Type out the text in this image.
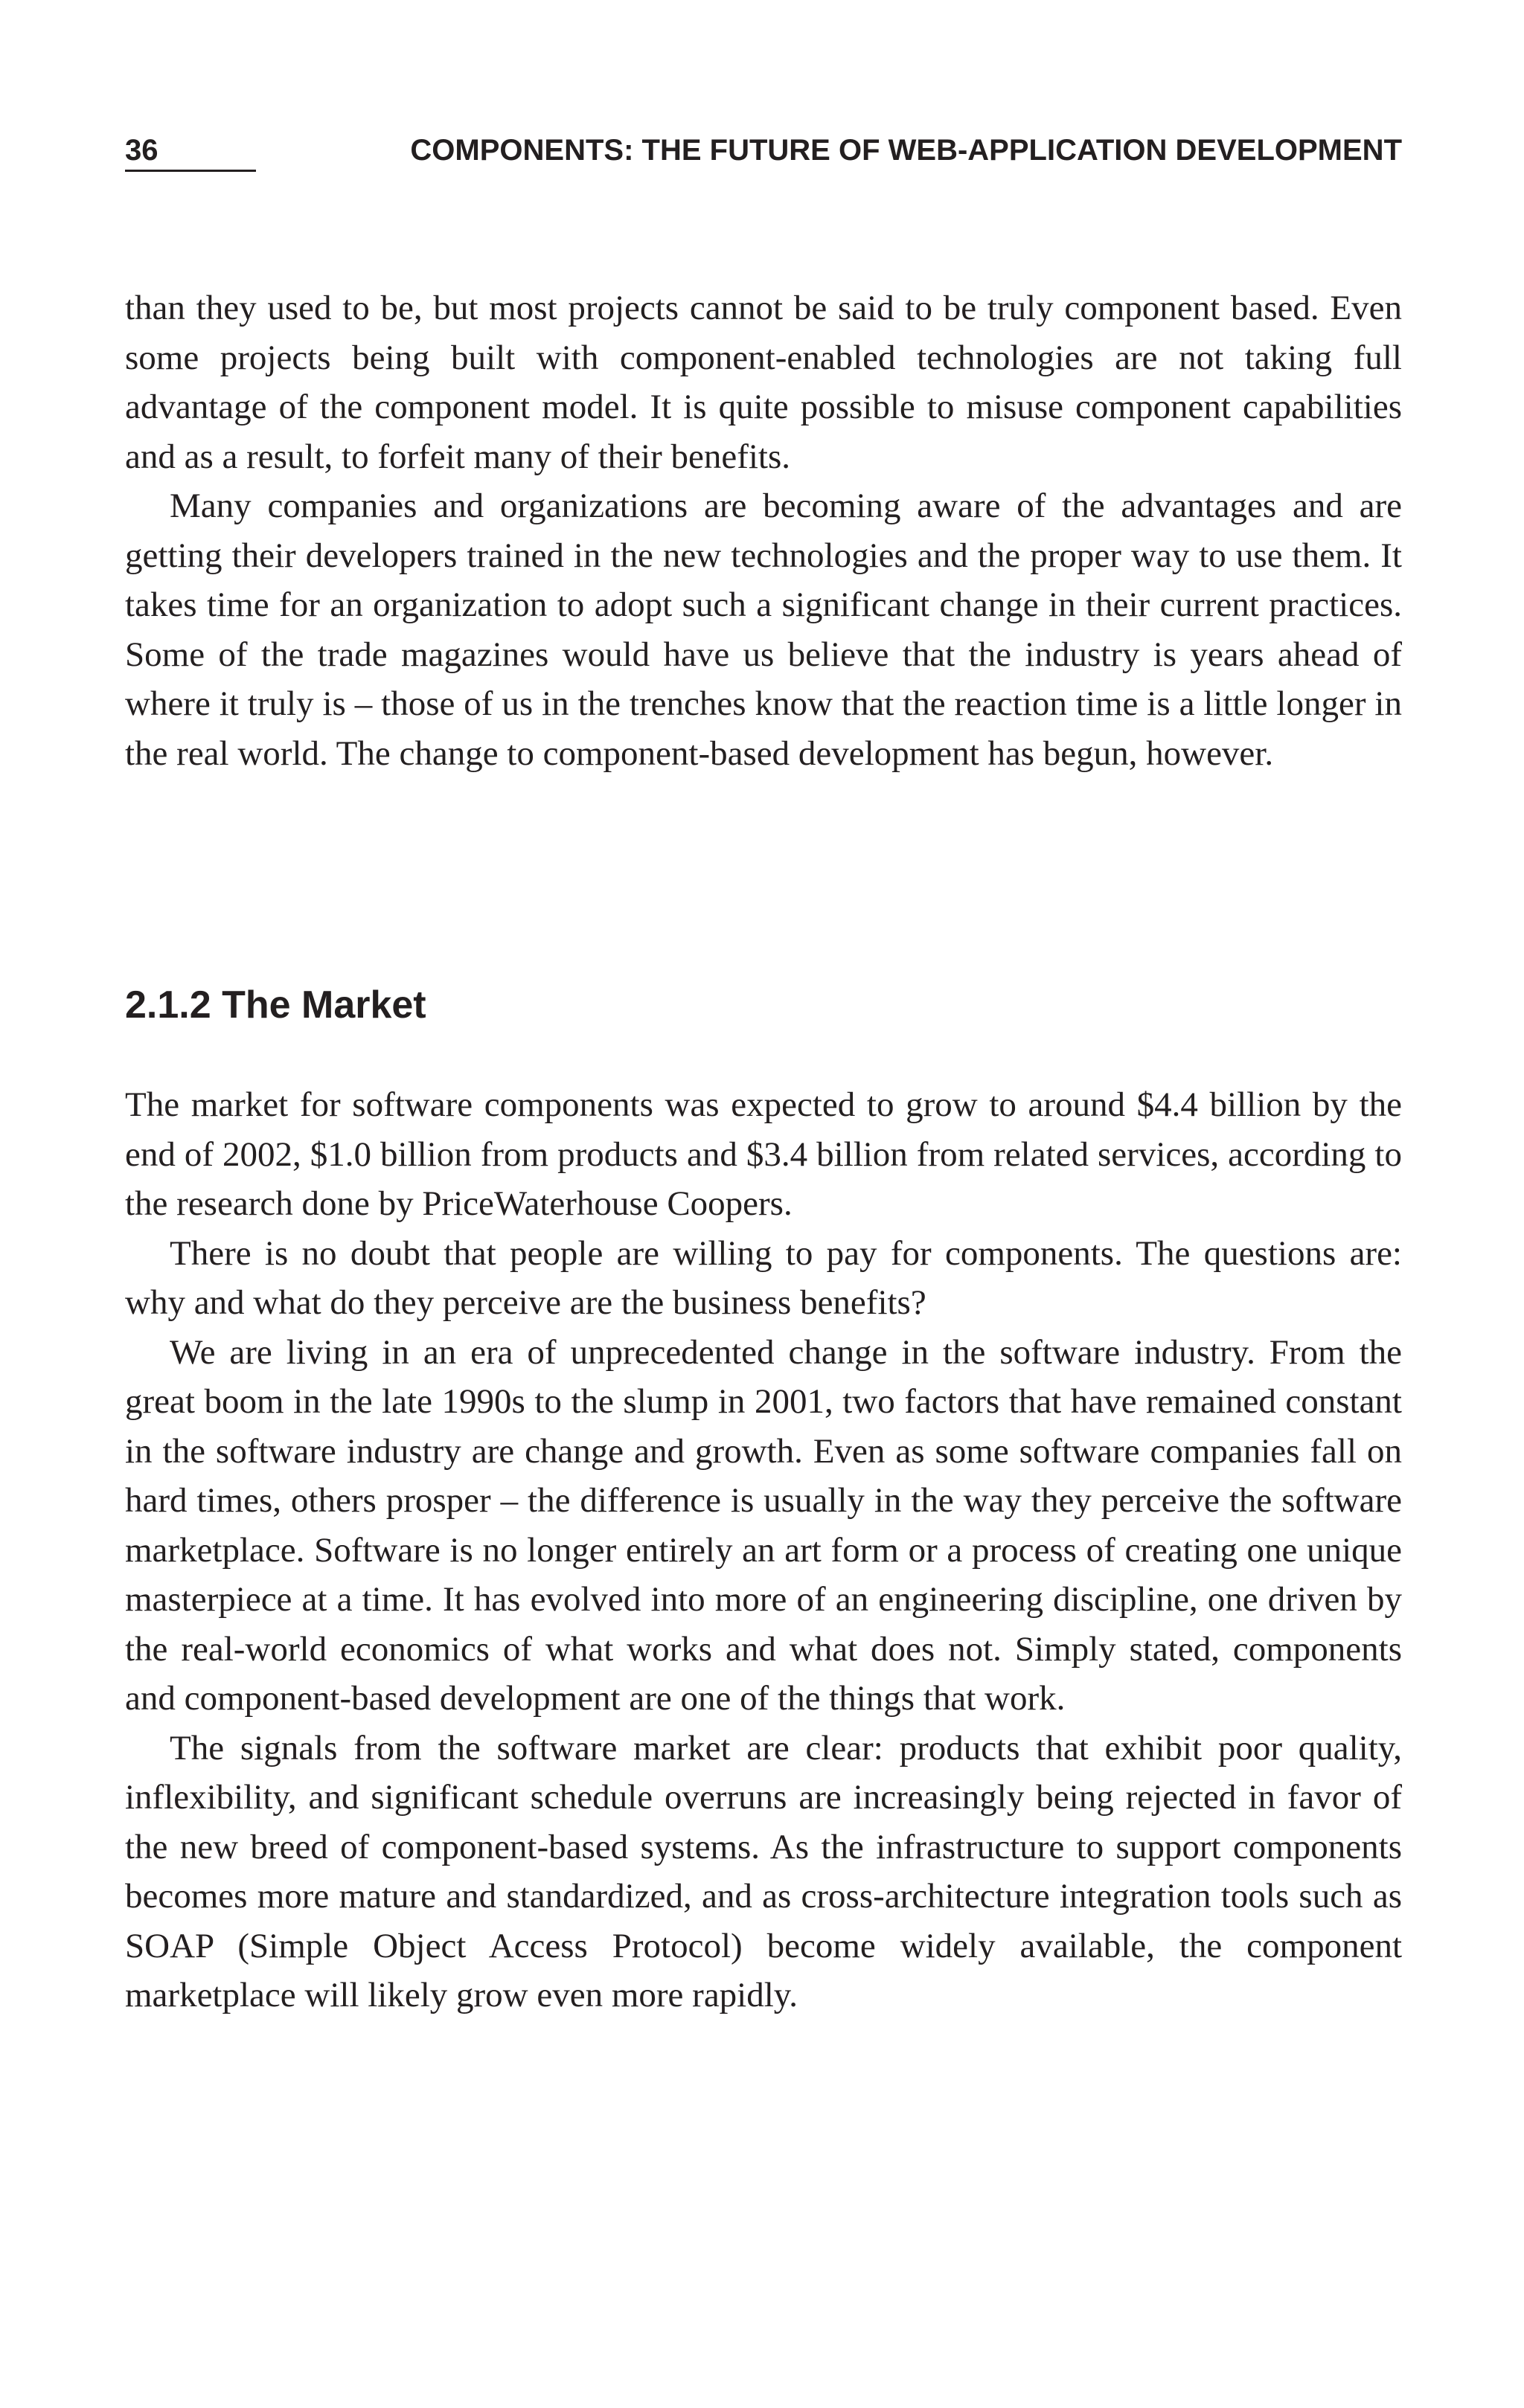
36	COMPONENTS: THE FUTURE OF WEB-APPLICATION DEVELOPMENT

than they used to be, but most projects cannot be said to be truly component based. Even some projects being built with component-enabled technologies are not taking full advantage of the component model. It is quite possible to misuse component capabilities and as a result, to forfeit many of their benefits.

Many companies and organizations are becoming aware of the advantages and are getting their developers trained in the new technologies and the proper way to use them. It takes time for an organization to adopt such a significant change in their current practices. Some of the trade magazines would have us believe that the industry is years ahead of where it truly is – those of us in the trenches know that the reaction time is a little longer in the real world. The change to component-based development has begun, however.

2.1.2 The Market

The market for software components was expected to grow to around $4.4 billion by the end of 2002, $1.0 billion from products and $3.4 billion from related services, according to the research done by PriceWaterhouse Coopers.

There is no doubt that people are willing to pay for components. The questions are: why and what do they perceive are the business benefits?

We are living in an era of unprecedented change in the software industry. From the great boom in the late 1990s to the slump in 2001, two factors that have remained constant in the software industry are change and growth. Even as some software companies fall on hard times, others prosper – the difference is usually in the way they perceive the software marketplace. Software is no longer entirely an art form or a process of creating one unique masterpiece at a time. It has evolved into more of an engineering discipline, one driven by the real-world economics of what works and what does not. Simply stated, components and component-based development are one of the things that work.

The signals from the software market are clear: products that exhibit poor quality, inflexibility, and significant schedule overruns are increasingly being rejected in favor of the new breed of component-based systems. As the infrastructure to support components becomes more mature and standardized, and as cross-architecture integration tools such as SOAP (Simple Object Access Protocol) become widely available, the component marketplace will likely grow even more rapidly.
